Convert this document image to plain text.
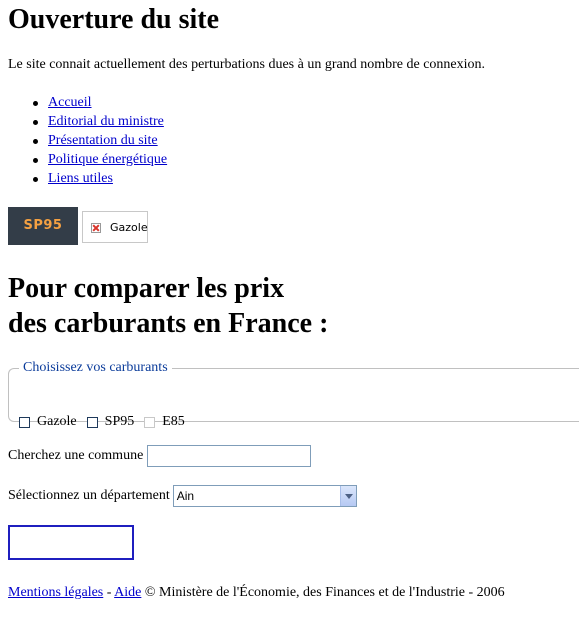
Ouverture du site

Le site connait actuellement des perturbations dues à un grand nombre de connexion.

Accueil
Editorial du ministre
Présentation du site
Politique énergétique
Liens utiles
SP95	Gazole
Pour comparer les prix
des carburants en France :
Choisissez vos carburants
Gazole SP95 E85
Cherchez une commune
Sélectionnez un département Ain
Mentions légales - Aide © Ministère de l'Économie, des Finances et de l'Industrie - 2006
